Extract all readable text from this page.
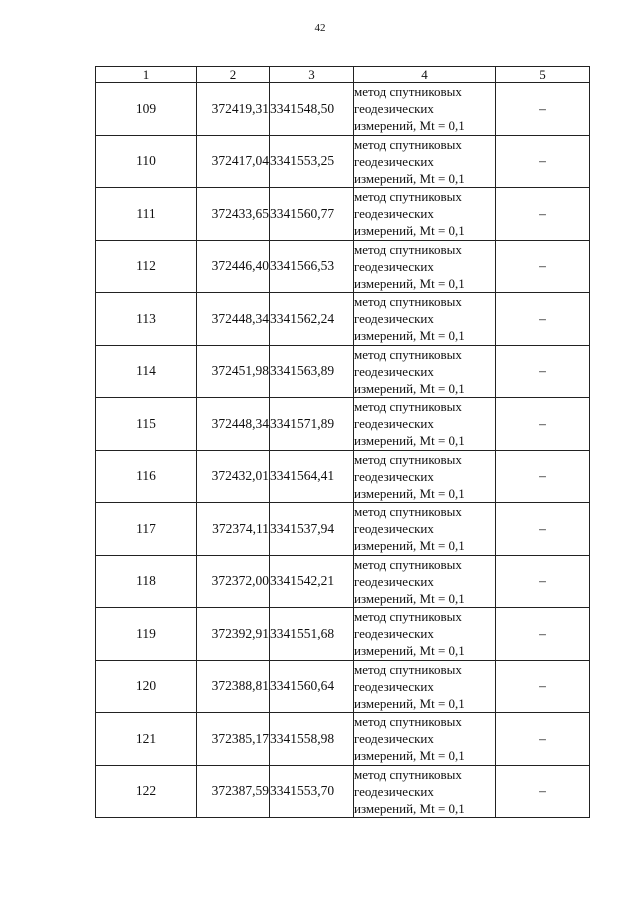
42
1	2	3	4	5
109	372419,31	3341548,50	метод спутниковых
геодезических
измерений, Mt = 0,1	–
110	372417,04	3341553,25	метод спутниковых
геодезических
измерений, Mt = 0,1	–
111	372433,65	3341560,77	метод спутниковых
геодезических
измерений, Mt = 0,1	–
112	372446,40	3341566,53	метод спутниковых
геодезических
измерений, Mt = 0,1	–
113	372448,34	3341562,24	метод спутниковых
геодезических
измерений, Mt = 0,1	–
114	372451,98	3341563,89	метод спутниковых
геодезических
измерений, Mt = 0,1	–
115	372448,34	3341571,89	метод спутниковых
геодезических
измерений, Mt = 0,1	–
116	372432,01	3341564,41	метод спутниковых
геодезических
измерений, Mt = 0,1	–
117	372374,11	3341537,94	метод спутниковых
геодезических
измерений, Mt = 0,1	–
118	372372,00	3341542,21	метод спутниковых
геодезических
измерений, Mt = 0,1	–
119	372392,91	3341551,68	метод спутниковых
геодезических
измерений, Mt = 0,1	–
120	372388,81	3341560,64	метод спутниковых
геодезических
измерений, Mt = 0,1	–
121	372385,17	3341558,98	метод спутниковых
геодезических
измерений, Mt = 0,1	–
122	372387,59	3341553,70	метод спутниковых
геодезических
измерений, Mt = 0,1	–
